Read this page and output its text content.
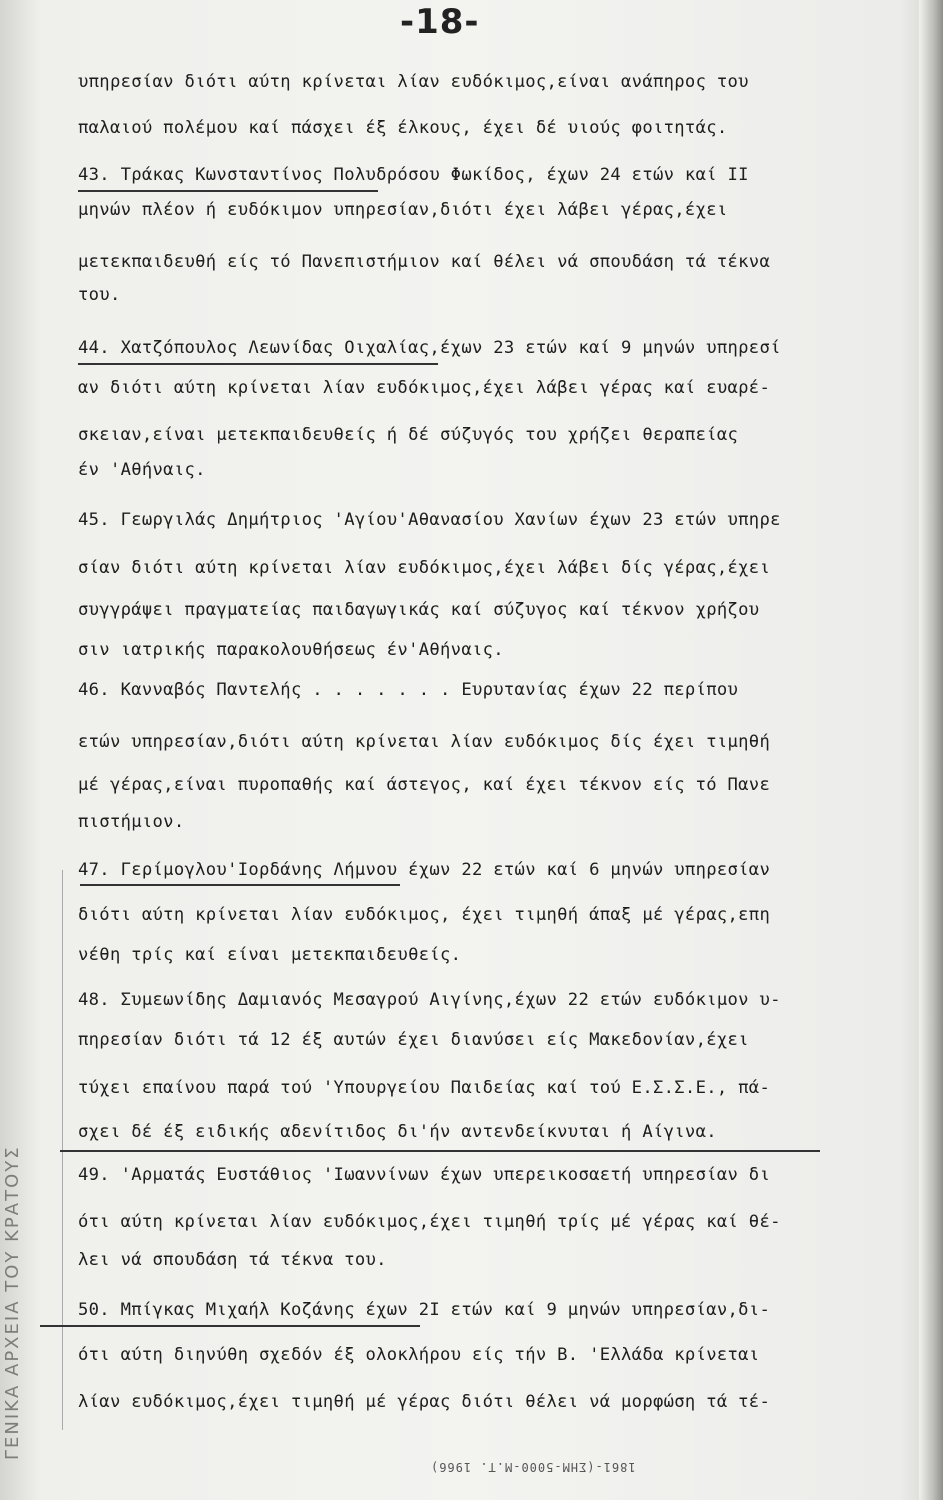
ΓΕΝΙΚΑ ΑΡΧΕΙΑ ΤΟΥ ΚΡΑΤΟΥΣ
-18-
υπηρεσίαν διότι αύτη κρίνεται λίαν ευδόκιμος,είναι ανάπηρος του
παλαιού πολέμου καί πάσχει έξ έλκους, έχει δέ υιούς φοιτητάς.
43. Τράκας Κωνσταντίνος Πολυδρόσου Φωκίδος, έχων 24 ετών καί II
μηνών πλέον ή ευδόκιμον υπηρεσίαν,διότι έχει λάβει γέρας,έχει
μετεκπαιδευθή είς τό Πανεπιστήμιον καί θέλει νά σπουδάση τά τέκνα
του.
44. Χατζόπουλος Λεωνίδας Οιχαλίας,έχων 23 ετών καί 9 μηνών υπηρεσί
αν διότι αύτη κρίνεται λίαν ευδόκιμος,έχει λάβει γέρας καί ευαρέ-
σκειαν,είναι μετεκπαιδευθείς ή δέ σύζυγός του χρήζει θεραπείας
έν 'Αθήναις.
45. Γεωργιλάς Δημήτριος 'Αγίου'Αθανασίου Χανίων έχων 23 ετών υπηρε
σίαν διότι αύτη κρίνεται λίαν ευδόκιμος,έχει λάβει δίς γέρας,έχει
συγγράψει πραγματείας παιδαγωγικάς καί σύζυγος καί τέκνον χρήζου
σιν ιατρικής παρακολουθήσεως έν'Αθήναις.
46. Κανναβός Παντελής . . . . . . . Ευρυτανίας έχων 22 περίπου
ετών υπηρεσίαν,διότι αύτη κρίνεται λίαν ευδόκιμος δίς έχει τιμηθή
μέ γέρας,είναι πυροπαθής καί άστεγος, καί έχει τέκνον είς τό Πανε
πιστήμιον.
47. Γερίμογλου'Ιορδάνης Λήμνου έχων 22 ετών καί 6 μηνών υπηρεσίαν
διότι αύτη κρίνεται λίαν ευδόκιμος, έχει τιμηθή άπαξ μέ γέρας,επη
νέθη τρίς καί είναι μετεκπαιδευθείς.
48. Συμεωνίδης Δαμιανός Μεσαγρού Αιγίνης,έχων 22 ετών ευδόκιμον υ-
πηρεσίαν διότι τά 12 έξ αυτών έχει διανύσει είς Μακεδονίαν,έχει
τύχει επαίνου παρά τού 'Υπουργείου Παιδείας καί τού Ε.Σ.Σ.Ε., πά-
σχει δέ έξ ειδικής αδενίτιδος δι'ήν αντενδείκνυται ή Αίγινα.
49. 'Αρματάς Ευστάθιος 'Ιωαννίνων έχων υπερεικοσαετή υπηρεσίαν δι
ότι αύτη κρίνεται λίαν ευδόκιμος,έχει τιμηθή τρίς μέ γέρας καί θέ-
λει νά σπουδάση τά τέκνα του.
50. Μπίγκας Μιχαήλ Κοζάνης έχων 2I ετών καί 9 μηνών υπηρεσίαν,δι-
ότι αύτη διηνύθη σχεδόν έξ ολοκλήρου είς τήν Β. 'Ελλάδα κρίνεται
λίαν ευδόκιμος,έχει τιμηθή μέ γέρας διότι θέλει νά μορφώση τά τέ-
1861-(ΣΗΜ-5000-Μ.Τ. 1966)
